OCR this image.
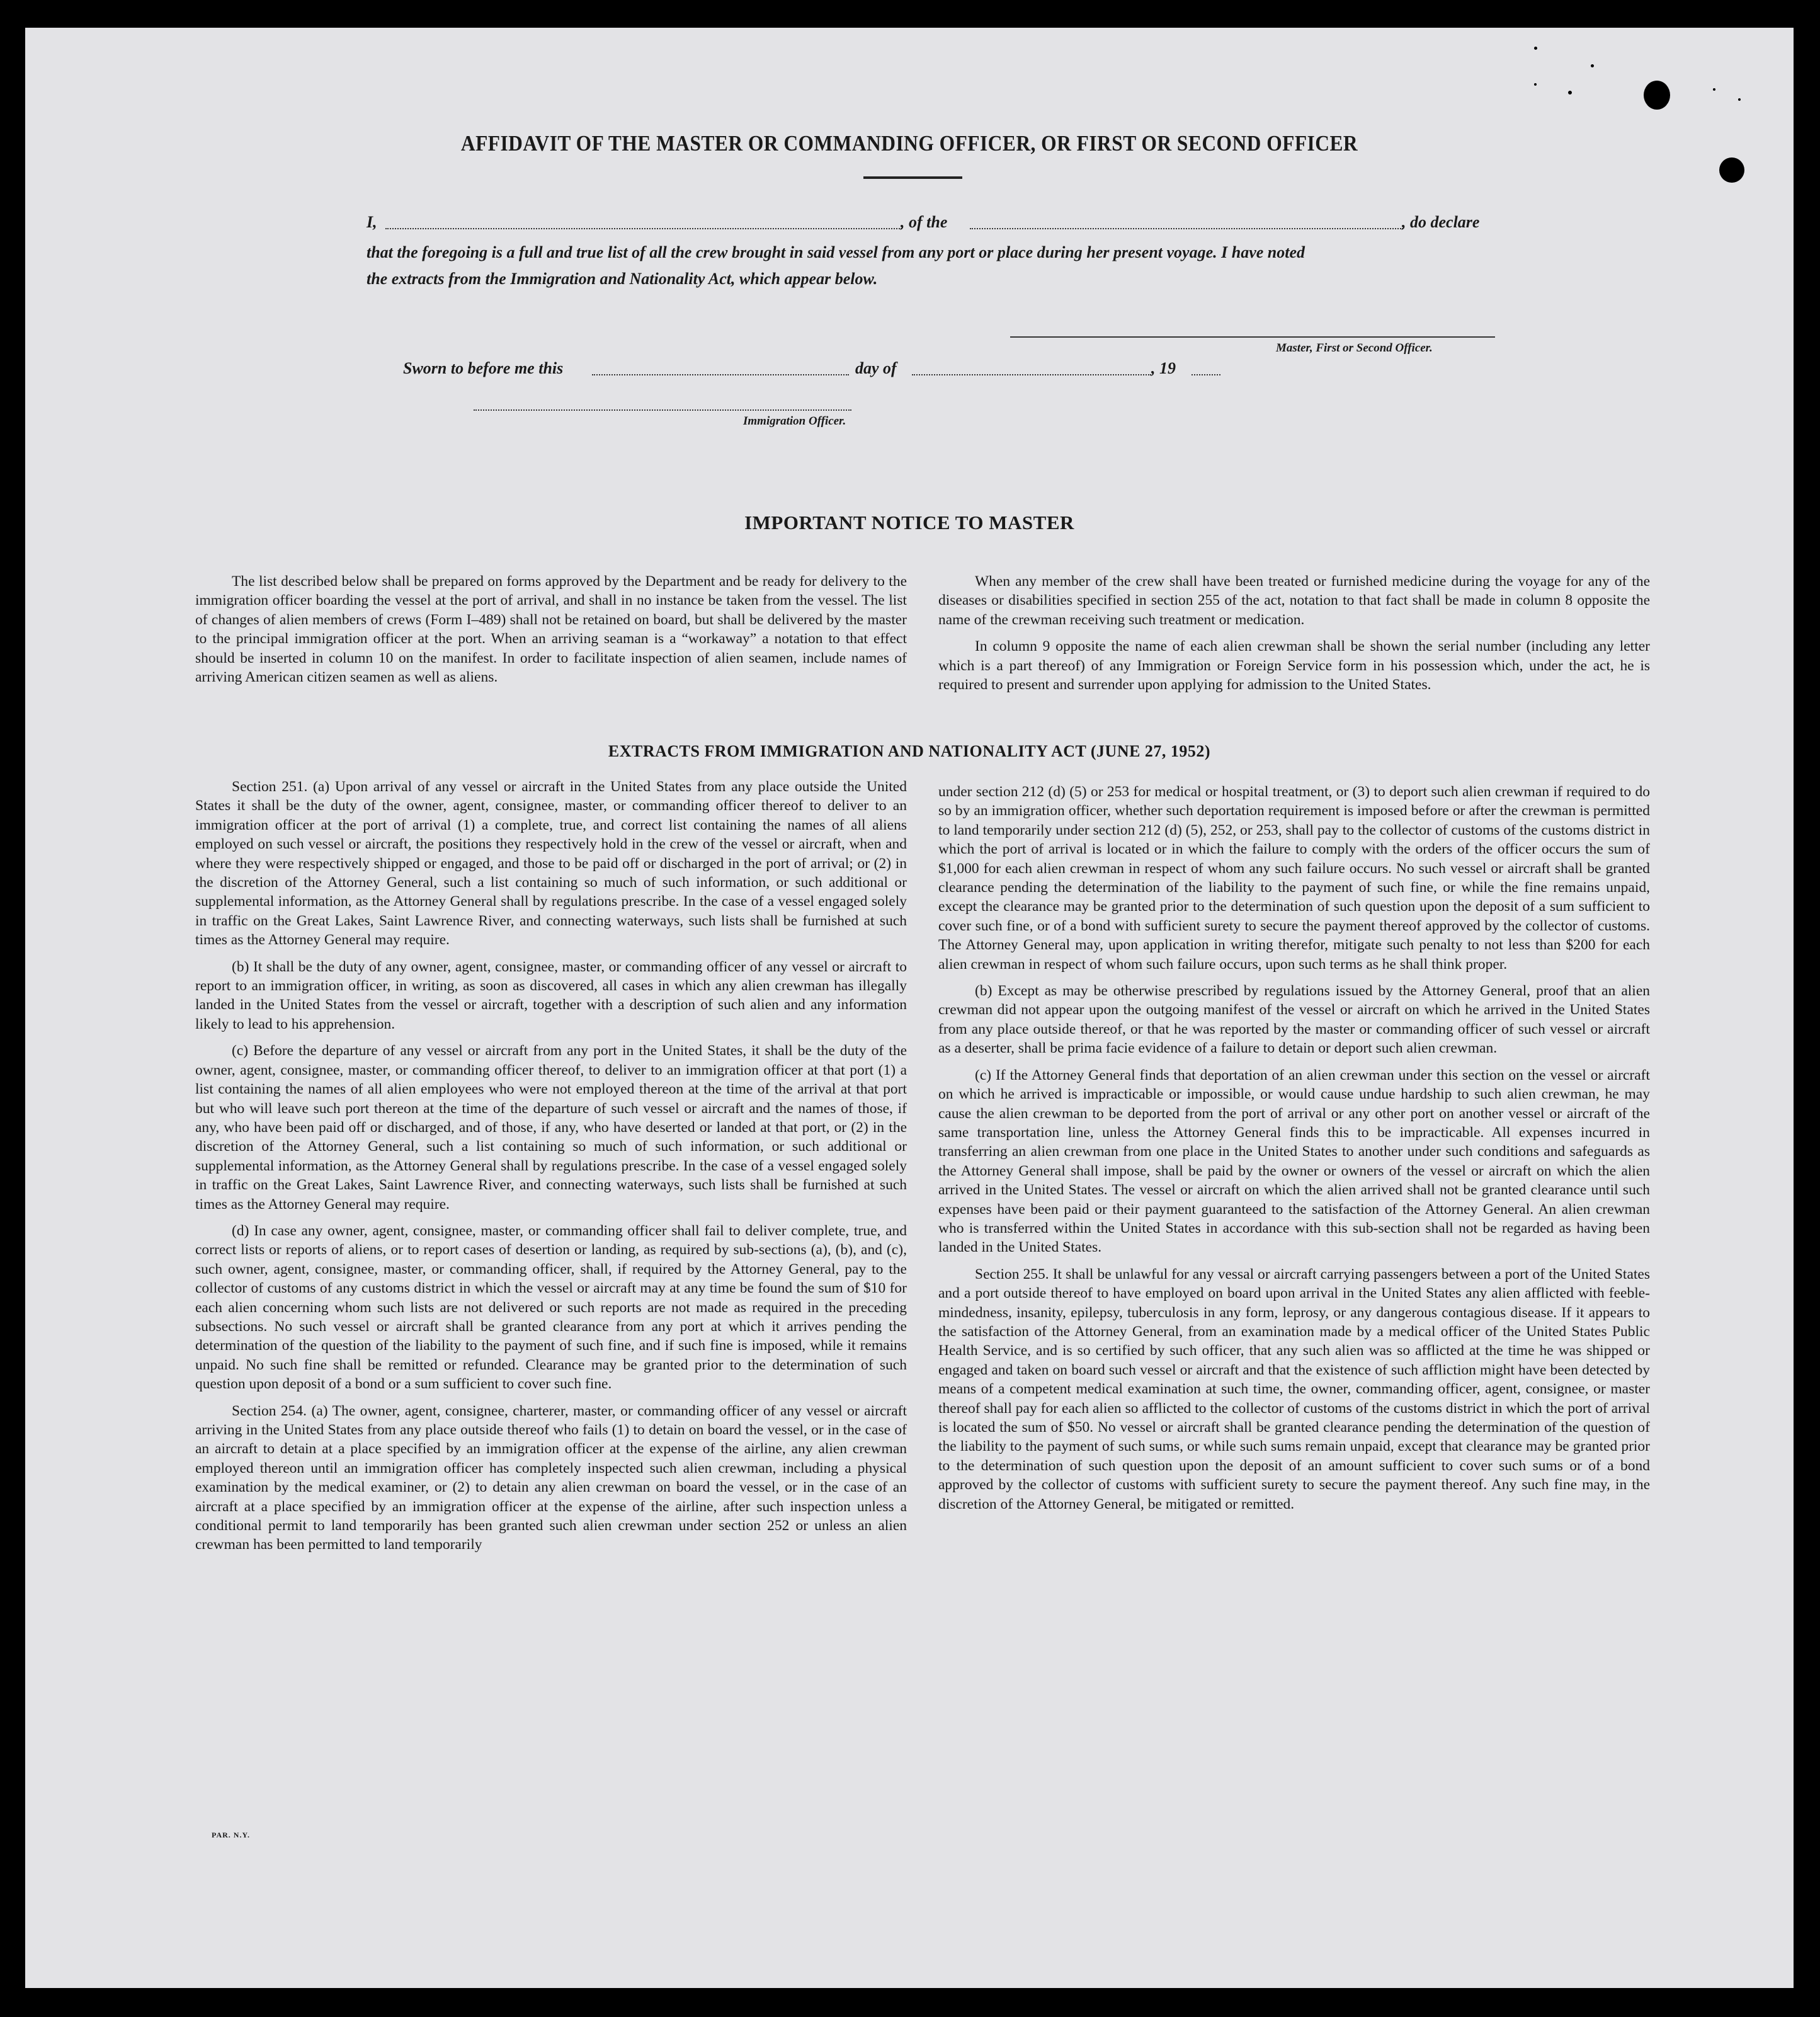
AFFIDAVIT OF THE MASTER OR COMMANDING OFFICER, OR FIRST OR SECOND OFFICER
I,	, of the	, do declare
that the foregoing is a full and true list of all the crew brought in said vessel from any port or place during her present voyage. I have noted
the extracts from the Immigration and Nationality Act, which appear below.
Master, First or Second Officer.
Sworn to before me this	day of	, 19
Immigration Officer.
IMPORTANT NOTICE TO MASTER

The list described below shall be prepared on forms approved by the Department and be ready for delivery to the immigration officer boarding the vessel at the port of arrival, and shall in no instance be taken from the vessel. The list of changes of alien members of crews (Form I–489) shall not be retained on board, but shall be delivered by the master to the principal immigration officer at the port. When an arriving seaman is a “workaway” a notation to that effect should be inserted in column 10 on the manifest. In order to facilitate inspection of alien seamen, include names of arriving American citizen seamen as well as aliens.

When any member of the crew shall have been treated or furnished medicine during the voyage for any of the diseases or disabilities specified in section 255 of the act, notation to that fact shall be made in column 8 opposite the name of the crewman receiving such treatment or medication.

In column 9 opposite the name of each alien crewman shall be shown the serial number (including any letter which is a part thereof) of any Immigration or Foreign Service form in his possession which, under the act, he is required to present and surrender upon applying for admission to the United States.

EXTRACTS FROM IMMIGRATION AND NATIONALITY ACT (JUNE 27, 1952)

Section 251. (a) Upon arrival of any vessel or aircraft in the United States from any place outside the United States it shall be the duty of the owner, agent, consignee, master, or commanding officer thereof to deliver to an immigration officer at the port of arrival (1) a complete, true, and correct list containing the names of all aliens employed on such vessel or aircraft, the positions they respectively hold in the crew of the vessel or aircraft, when and where they were respectively shipped or engaged, and those to be paid off or discharged in the port of arrival; or (2) in the discretion of the Attorney General, such a list containing so much of such information, or such additional or supplemental information, as the Attorney General shall by regulations prescribe. In the case of a vessel engaged solely in traffic on the Great Lakes, Saint Lawrence River, and connecting waterways, such lists shall be furnished at such times as the Attorney General may require.

(b) It shall be the duty of any owner, agent, consignee, master, or commanding officer of any vessel or aircraft to report to an immigration officer, in writing, as soon as discovered, all cases in which any alien crewman has illegally landed in the United States from the vessel or aircraft, together with a description of such alien and any information likely to lead to his apprehension.

(c) Before the departure of any vessel or aircraft from any port in the United States, it shall be the duty of the owner, agent, consignee, master, or commanding officer thereof, to deliver to an immigration officer at that port (1) a list containing the names of all alien employees who were not employed thereon at the time of the arrival at that port but who will leave such port thereon at the time of the departure of such vessel or aircraft and the names of those, if any, who have been paid off or discharged, and of those, if any, who have deserted or landed at that port, or (2) in the discretion of the Attorney General, such a list containing so much of such information, or such additional or supplemental information, as the Attorney General shall by regulations prescribe. In the case of a vessel engaged solely in traffic on the Great Lakes, Saint Lawrence River, and connecting waterways, such lists shall be furnished at such times as the Attorney General may require.

(d) In case any owner, agent, consignee, master, or commanding officer shall fail to deliver complete, true, and correct lists or reports of aliens, or to report cases of desertion or landing, as required by sub-sections (a), (b), and (c), such owner, agent, consignee, master, or commanding officer, shall, if required by the Attorney General, pay to the collector of customs of any customs district in which the vessel or aircraft may at any time be found the sum of $10 for each alien concerning whom such lists are not delivered or such reports are not made as required in the preceding subsections. No such vessel or aircraft shall be granted clearance from any port at which it arrives pending the determination of the question of the liability to the payment of such fine, and if such fine is imposed, while it remains unpaid. No such fine shall be remitted or refunded. Clearance may be granted prior to the determination of such question upon deposit of a bond or a sum sufficient to cover such fine.

Section 254. (a) The owner, agent, consignee, charterer, master, or commanding officer of any vessel or aircraft arriving in the United States from any place outside thereof who fails (1) to detain on board the vessel, or in the case of an aircraft to detain at a place specified by an immigration officer at the expense of the airline, any alien crewman employed thereon until an immigration officer has completely inspected such alien crewman, including a physical examination by the medical examiner, or (2) to detain any alien crewman on board the vessel, or in the case of an aircraft at a place specified by an immigration officer at the expense of the airline, after such inspection unless a conditional permit to land temporarily has been granted such alien crewman under section 252 or unless an alien crewman has been permitted to land temporarily

under section 212 (d) (5) or 253 for medical or hospital treatment, or (3) to deport such alien crewman if required to do so by an immigration officer, whether such deportation requirement is imposed before or after the crewman is permitted to land temporarily under section 212 (d) (5), 252, or 253, shall pay to the collector of customs of the customs district in which the port of arrival is located or in which the failure to comply with the orders of the officer occurs the sum of $1,000 for each alien crewman in respect of whom any such failure occurs. No such vessel or aircraft shall be granted clearance pending the determination of the liability to the payment of such fine, or while the fine remains unpaid, except the clearance may be granted prior to the determination of such question upon the deposit of a sum sufficient to cover such fine, or of a bond with sufficient surety to secure the payment thereof approved by the collector of customs. The Attorney General may, upon application in writing therefor, mitigate such penalty to not less than $200 for each alien crewman in respect of whom such failure occurs, upon such terms as he shall think proper.

(b) Except as may be otherwise prescribed by regulations issued by the Attorney General, proof that an alien crewman did not appear upon the outgoing manifest of the vessel or aircraft on which he arrived in the United States from any place outside thereof, or that he was reported by the master or commanding officer of such vessel or aircraft as a deserter, shall be prima facie evidence of a failure to detain or deport such alien crewman.

(c) If the Attorney General finds that deportation of an alien crewman under this section on the vessel or aircraft on which he arrived is impracticable or impossible, or would cause undue hardship to such alien crewman, he may cause the alien crewman to be deported from the port of arrival or any other port on another vessel or aircraft of the same transportation line, unless the Attorney General finds this to be impracticable. All expenses incurred in transferring an alien crewman from one place in the United States to another under such conditions and safeguards as the Attorney General shall impose, shall be paid by the owner or owners of the vessel or aircraft on which the alien arrived in the United States. The vessel or aircraft on which the alien arrived shall not be granted clearance until such expenses have been paid or their payment guaranteed to the satisfaction of the Attorney General. An alien crewman who is transferred within the United States in accordance with this sub-section shall not be regarded as having been landed in the United States.

Section 255. It shall be unlawful for any vessal or aircraft carrying passengers between a port of the United States and a port outside thereof to have employed on board upon arrival in the United States any alien afflicted with feeble-mindedness, insanity, epilepsy, tuberculosis in any form, leprosy, or any dangerous contagious disease. If it appears to the satisfaction of the Attorney General, from an examination made by a medical officer of the United States Public Health Service, and is so certified by such officer, that any such alien was so afflicted at the time he was shipped or engaged and taken on board such vessel or aircraft and that the existence of such affliction might have been detected by means of a competent medical examination at such time, the owner, commanding officer, agent, consignee, or master thereof shall pay for each alien so afflicted to the collector of customs of the customs district in which the port of arrival is located the sum of $50. No vessel or aircraft shall be granted clearance pending the determination of the question of the liability to the payment of such sums, or while such sums remain unpaid, except that clearance may be granted prior to the determination of such question upon the deposit of an amount sufficient to cover such sums or of a bond approved by the collector of customs with sufficient surety to secure the payment thereof. Any such fine may, in the discretion of the Attorney General, be mitigated or remitted.

PAR. N.Y.
